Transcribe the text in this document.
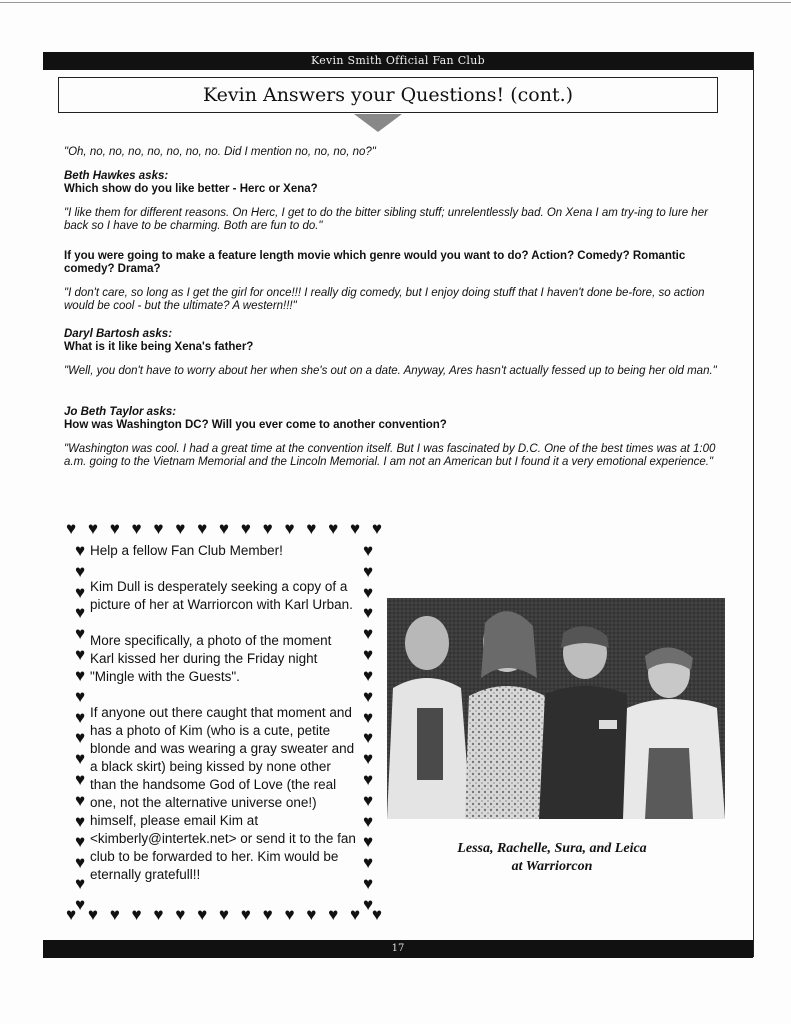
Kevin Smith Official Fan Club
Kevin Answers your Questions! (cont.)

"Oh, no, no, no, no, no, no, no. Did I mention no, no, no, no?"

Beth Hawkes asks:

Which show do you like better - Herc or Xena?

"I like them for different reasons. On Herc, I get to do the bitter sibling stuff; unrelentlessly bad. On Xena I am try-ing to lure her back so I have to be charming. Both are fun to do."

If you were going to make a feature length movie which genre would you want to do? Action? Comedy? Romantic comedy? Drama?

"I don't care, so long as I get the girl for once!!! I really dig comedy, but I enjoy doing stuff that I haven't done be-fore, so action would be cool - but the ultimate? A western!!!"

Daryl Bartosh asks:

What is it like being Xena's father?

"Well, you don't have to worry about her when she's out on a date. Anyway, Ares hasn't actually fessed up to being her old man."

Jo Beth Taylor asks:

How was Washington DC? Will you ever come to another convention?

"Washington was cool. I had a great time at the convention itself. But I was fascinated by D.C. One of the best times was at 1:00 a.m. going to the Vietnam Memorial and the Lincoln Memorial. I am not an American but I found it a very emotional experience."

♥ ♥ ♥ ♥ ♥ ♥ ♥ ♥ ♥ ♥ ♥ ♥ ♥ ♥ ♥
♥
♥
♥
♥
♥
♥
♥
♥
♥
♥
♥
♥
♥
♥
♥
♥
♥
♥
♥
♥
♥
♥
♥
♥
♥
♥
♥
♥
♥
♥
♥
♥
♥
♥
♥
♥

Help a fellow Fan Club Member!

Kim Dull is desperately seeking a copy of a picture of her at Warriorcon with Karl Urban.

More specifically, a photo of the moment Karl kissed her during the Friday night "Mingle with the Guests".

If anyone out there caught that moment and has a photo of Kim (who is a cute, petite blonde and was wearing a gray sweater and a black skirt) being kissed by none other than the handsome God of Love (the real one, not the alternative universe one!) himself, please email Kim at <kimberly@intertek.net> or send it to the fan club to be forwarded to her. Kim would be eternally gratefull!!

♥ ♥ ♥ ♥ ♥ ♥ ♥ ♥ ♥ ♥ ♥ ♥ ♥ ♥ ♥
Lessa, Rachelle, Sura, and Leica
at Warriorcon
17
